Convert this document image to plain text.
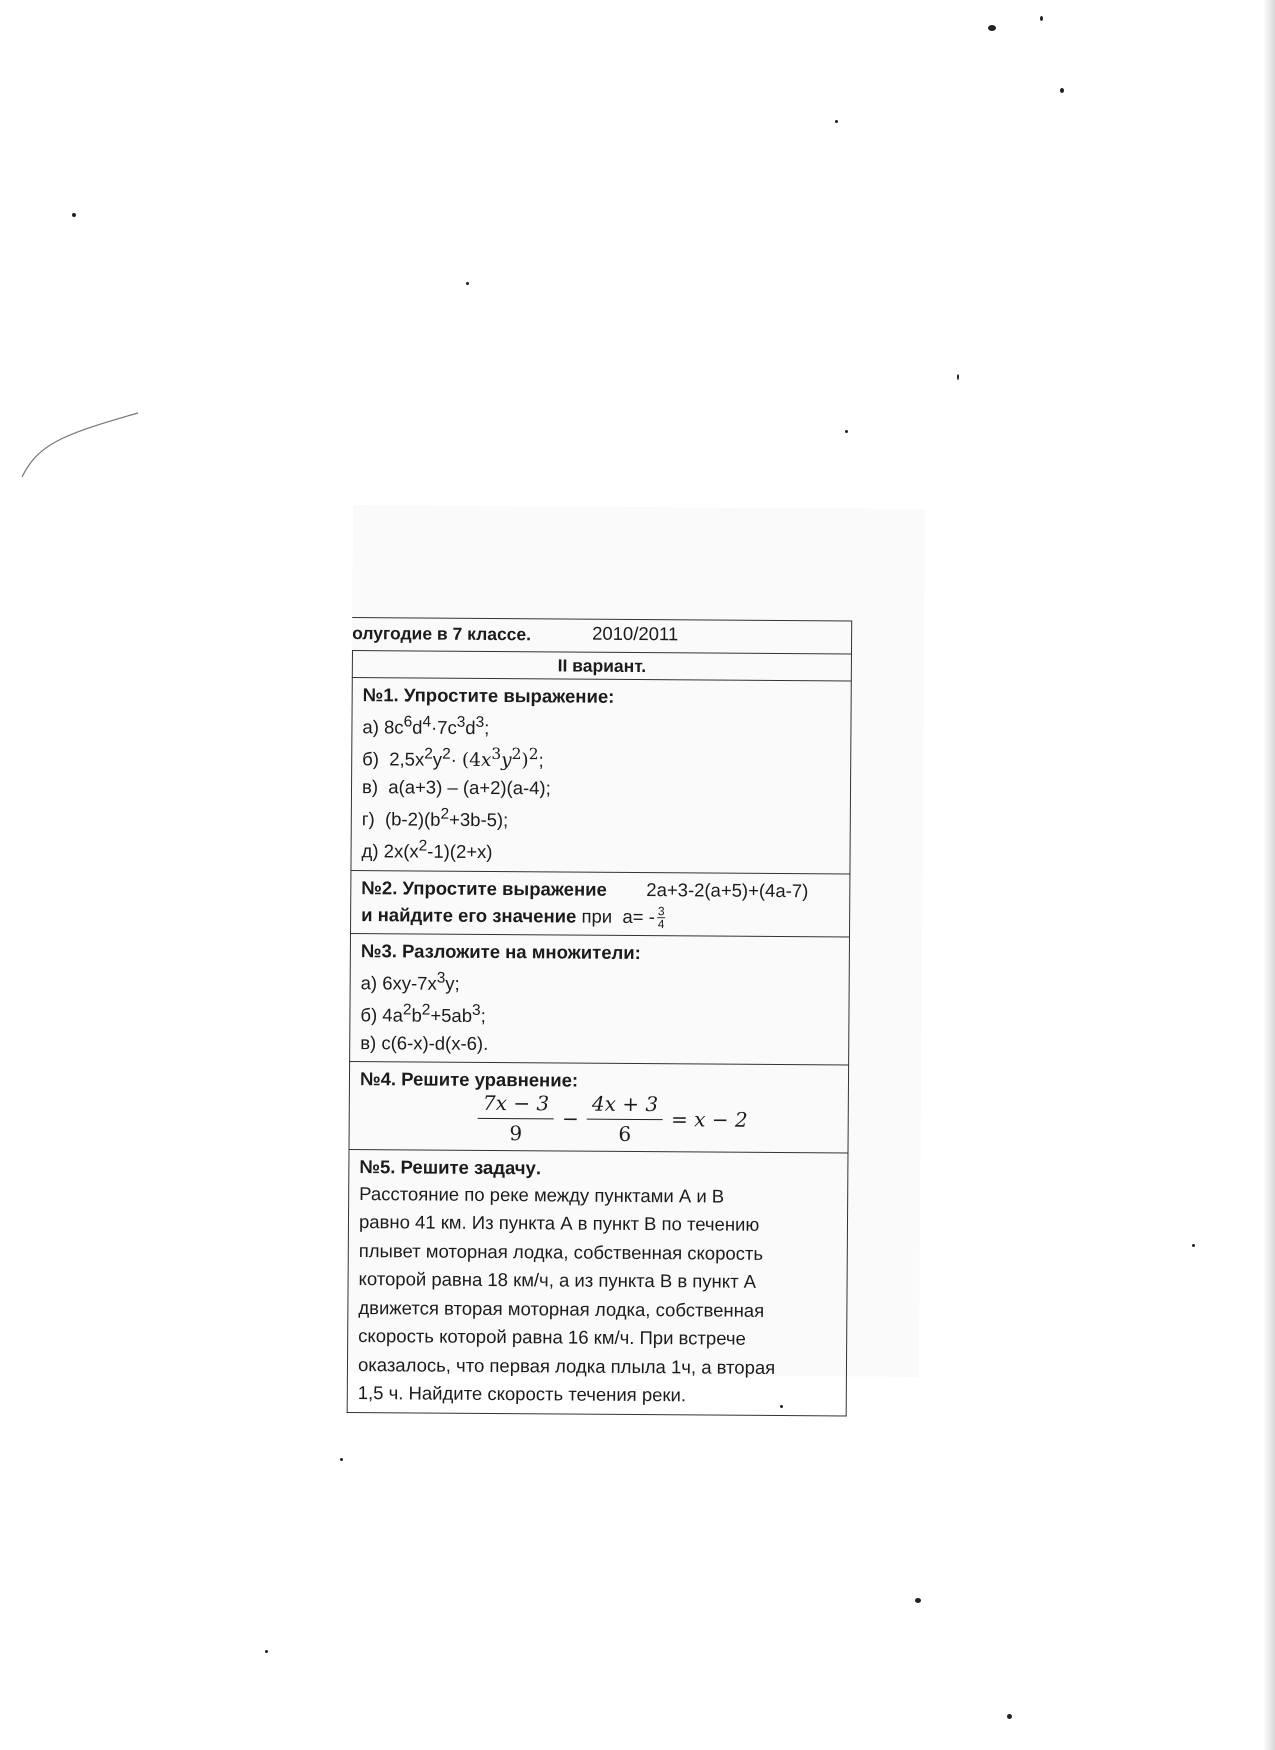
олугодие в 7 классе.	2010/2011
II вариант.
№1. Упростите выражение:
а) $8c^6d^4\cdot 7c^3d^3$;
б)  $2,5x^2y^2\cdot (4x^3y^2)^2$;
в) a(a+3) – (a+2)(a-4);
г)  $(b-2)(b^2+3b-5)$;
д) $2x(x^2-1)(2+x)$
№2. Упростите выражение 2a+3-2(a+5)+(4a-7)
и найдите его значение при $a= - \frac{3}{4}$
№3. Разложите на множители:
а) $6xy-7x^3y$;
б) $4a^2b^2+5ab^3$;
в) c(6-x)-d(x-6).
№4. Решите уравнение:
$\frac{7x - 3}{9} - \frac{4x + 3}{6} = x - 2$
№5. Решите задачу.
Расстояние по реке между пунктами А и В
равно 41 км. Из пункта А в пункт В по течению
плывет моторная лодка, собственная скорость
которой равна 18 км/ч, а из пункта В в пункт А
движется вторая моторная лодка, собственная
скорость которой равна 16 км/ч. При встрече
оказалось, что первая лодка плыла 1ч, а вторая
1,5 ч. Найдите скорость течения реки.
